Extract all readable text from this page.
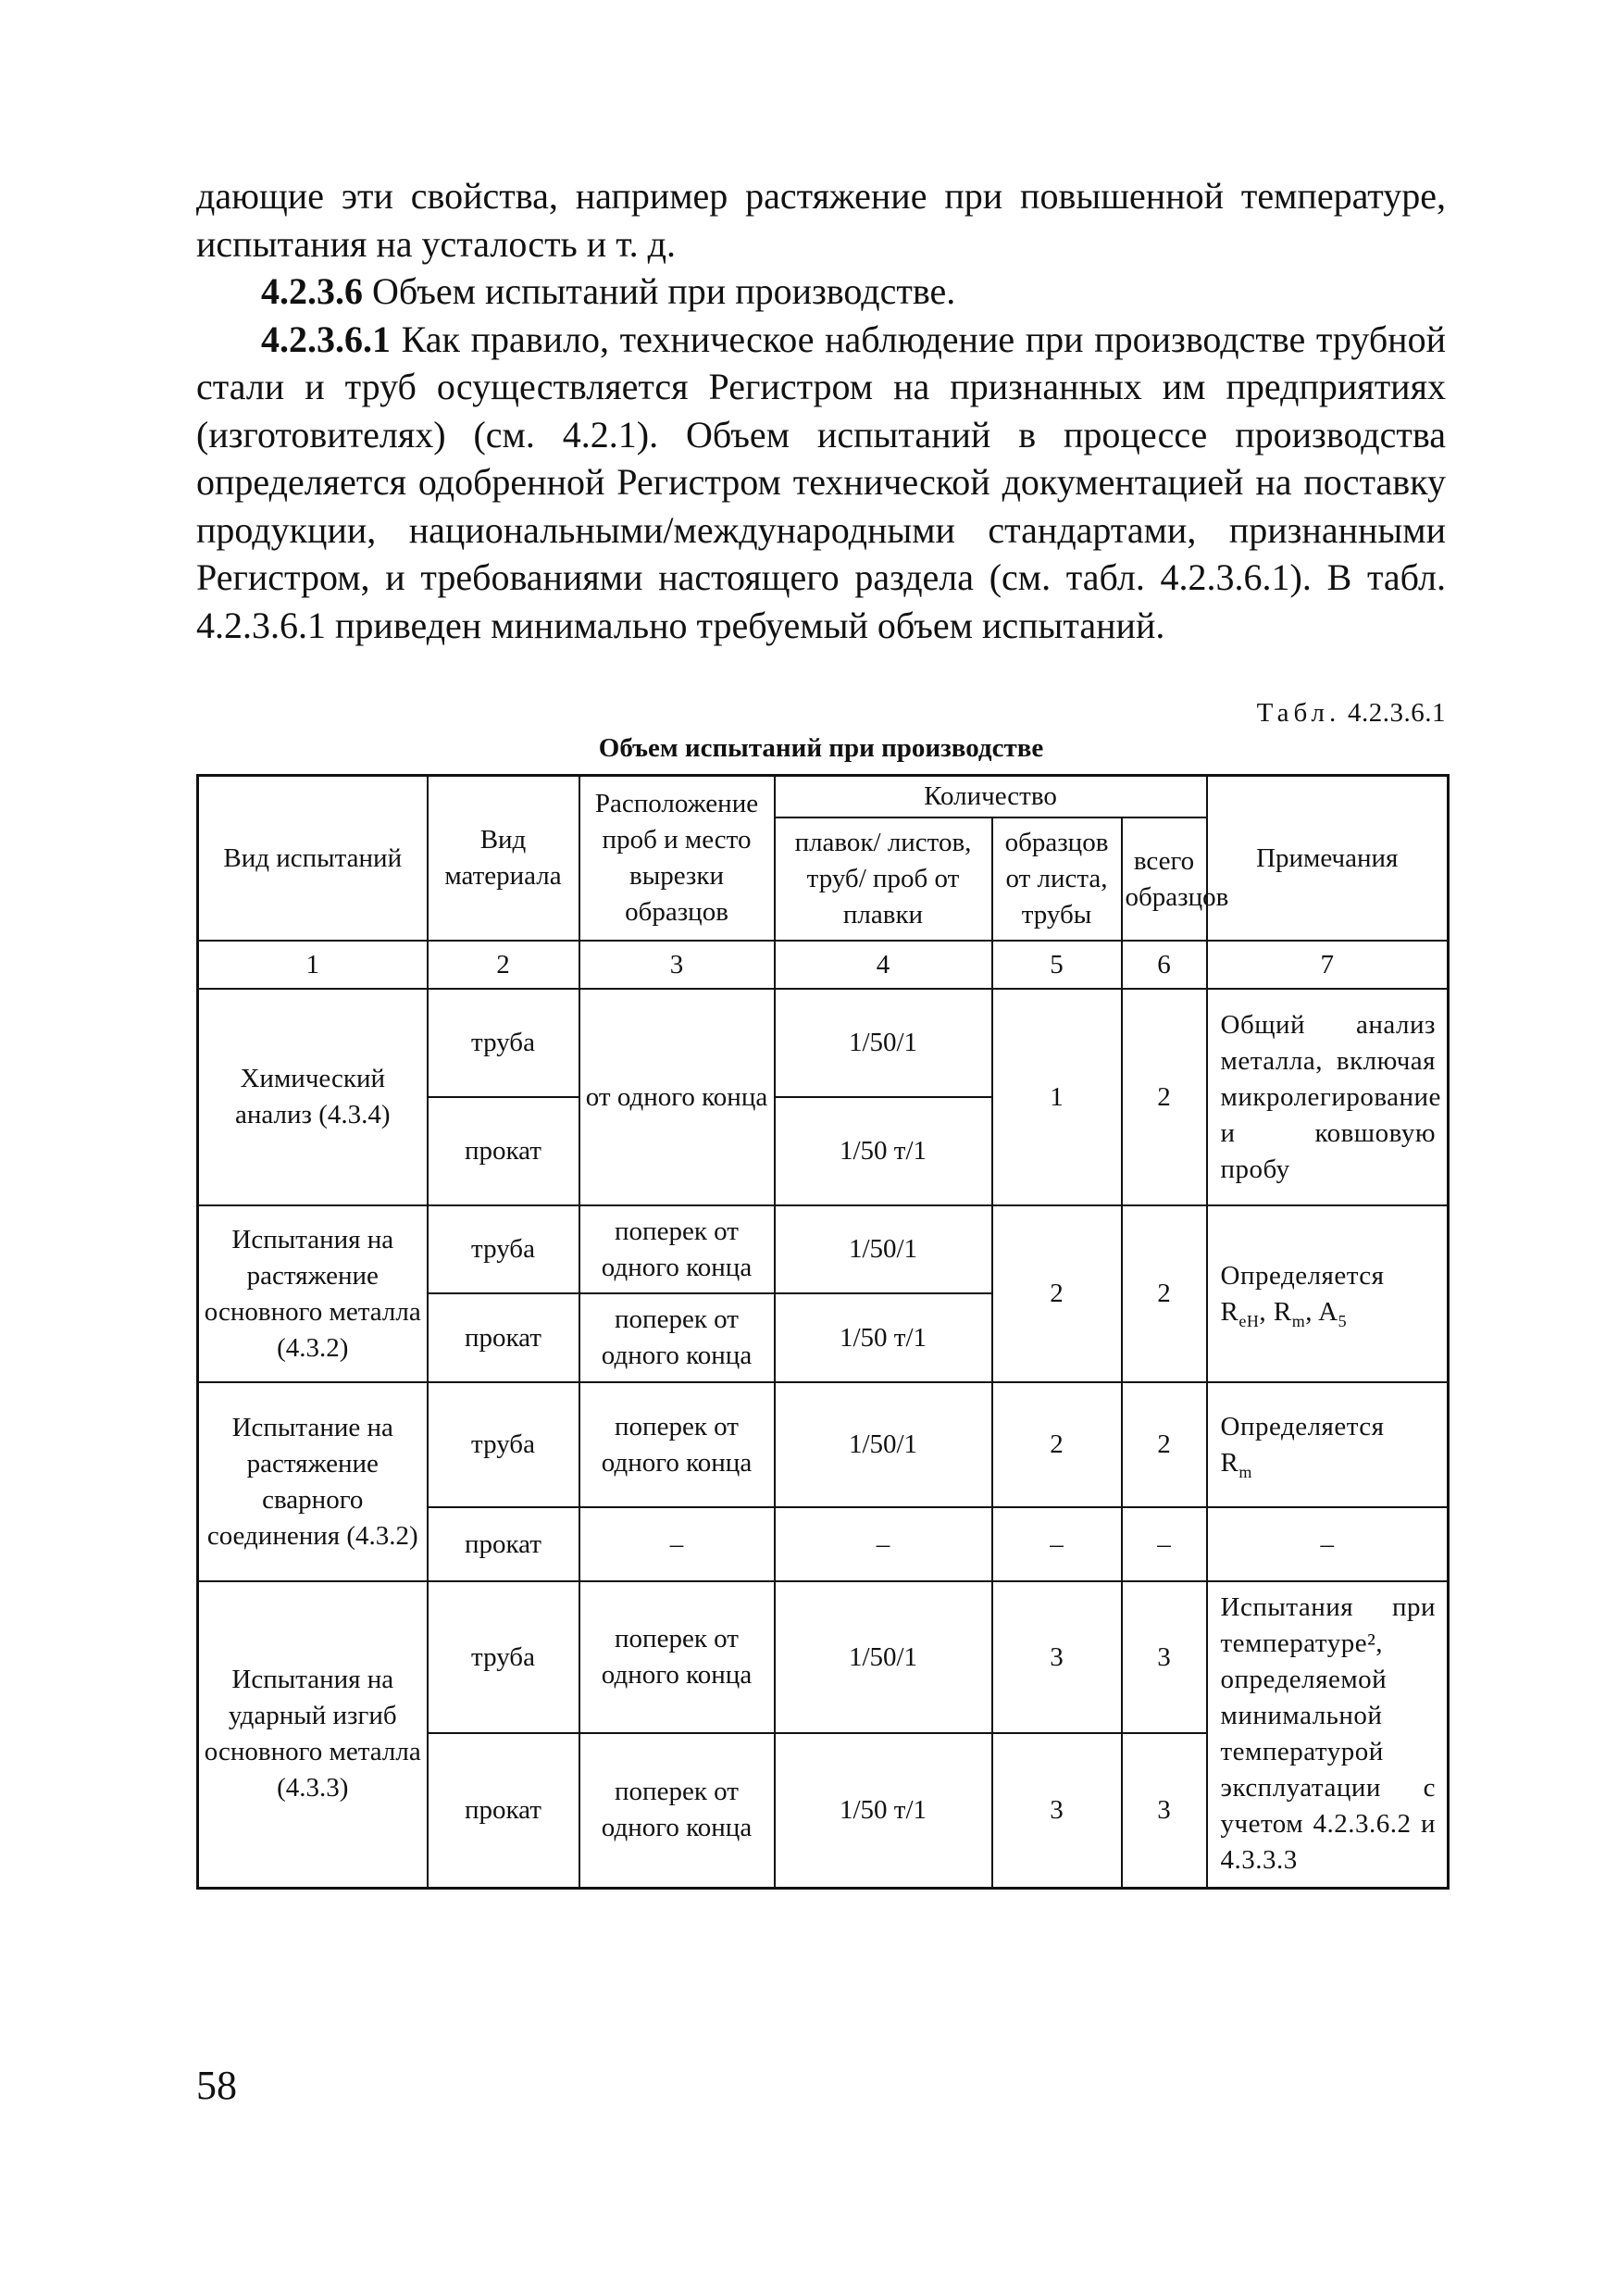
дающие эти свойства, например растяжение при повышенной температуре, испытания на усталость и т. д.

4.2.3.6 Объем испытаний при производстве.

4.2.3.6.1 Как правило, техническое наблюдение при производстве трубной стали и труб осуществляется Регистром на признанных им предприятиях (изготовителях) (см. 4.2.1). Объем испытаний в процессе производства определяется одобренной Регистром технической документацией на поставку продукции, национальными/международными стандартами, признанными Регистром, и требованиями настоящего раздела (см. табл. 4.2.3.6.1). В табл. 4.2.3.6.1 приведен минимально требуемый объем испытаний.

Табл. 4.2.3.6.1
Объем испытаний при производстве
Вид испытаний	Вид материала	Расположение проб и место вырезки образцов	Количество			Примечания
			плавок/ листов, труб/ проб от плавки	образцов от листа, трубы	всего образцов	
1	2	3	4	5	6	7
Химический анализ (4.3.4)	труба	от одного конца	1/50/1	1	2	Общий анализ металла, включая микролегирование и ковшовую пробу
	прокат		1/50 т/1			
Испытания на растяжение основного металла (4.3.2)	труба	поперек от одного конца	1/50/1	2	2	Определяется
$R_{eH}$, $R_m$, $A_5$
	прокат	поперек от одного конца	1/50 т/1			
Испытание на растяжение сварного соединения (4.3.2)	труба	поперек от одного конца	1/50/1	2	2	Определяется
$R_m$
	прокат	–	–	–	–	–
Испытания на ударный изгиб основного металла (4.3.3)	труба	поперек от одного конца	1/50/1	3	3	Испытания при температуре², определяемой минимальной температурой эксплуатации с учетом 4.2.3.6.2 и 4.3.3.3
	прокат	поперек от одного конца	1/50 т/1	3	3	
58
